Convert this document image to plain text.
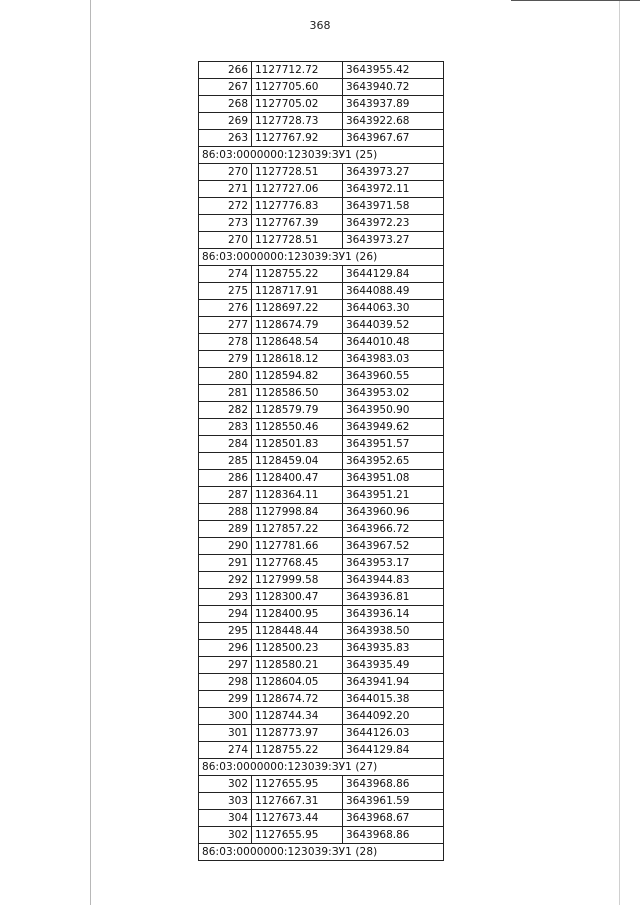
368
266	1127712.72	3643955.42
267	1127705.60	3643940.72
268	1127705.02	3643937.89
269	1127728.73	3643922.68
263	1127767.92	3643967.67
86:03:0000000:123039:ЗУ1 (25)		
270	1127728.51	3643973.27
271	1127727.06	3643972.11
272	1127776.83	3643971.58
273	1127767.39	3643972.23
270	1127728.51	3643973.27
86:03:0000000:123039:ЗУ1 (26)		
274	1128755.22	3644129.84
275	1128717.91	3644088.49
276	1128697.22	3644063.30
277	1128674.79	3644039.52
278	1128648.54	3644010.48
279	1128618.12	3643983.03
280	1128594.82	3643960.55
281	1128586.50	3643953.02
282	1128579.79	3643950.90
283	1128550.46	3643949.62
284	1128501.83	3643951.57
285	1128459.04	3643952.65
286	1128400.47	3643951.08
287	1128364.11	3643951.21
288	1127998.84	3643960.96
289	1127857.22	3643966.72
290	1127781.66	3643967.52
291	1127768.45	3643953.17
292	1127999.58	3643944.83
293	1128300.47	3643936.81
294	1128400.95	3643936.14
295	1128448.44	3643938.50
296	1128500.23	3643935.83
297	1128580.21	3643935.49
298	1128604.05	3643941.94
299	1128674.72	3644015.38
300	1128744.34	3644092.20
301	1128773.97	3644126.03
274	1128755.22	3644129.84
86:03:0000000:123039:ЗУ1 (27)		
302	1127655.95	3643968.86
303	1127667.31	3643961.59
304	1127673.44	3643968.67
302	1127655.95	3643968.86
86:03:0000000:123039:ЗУ1 (28)		
